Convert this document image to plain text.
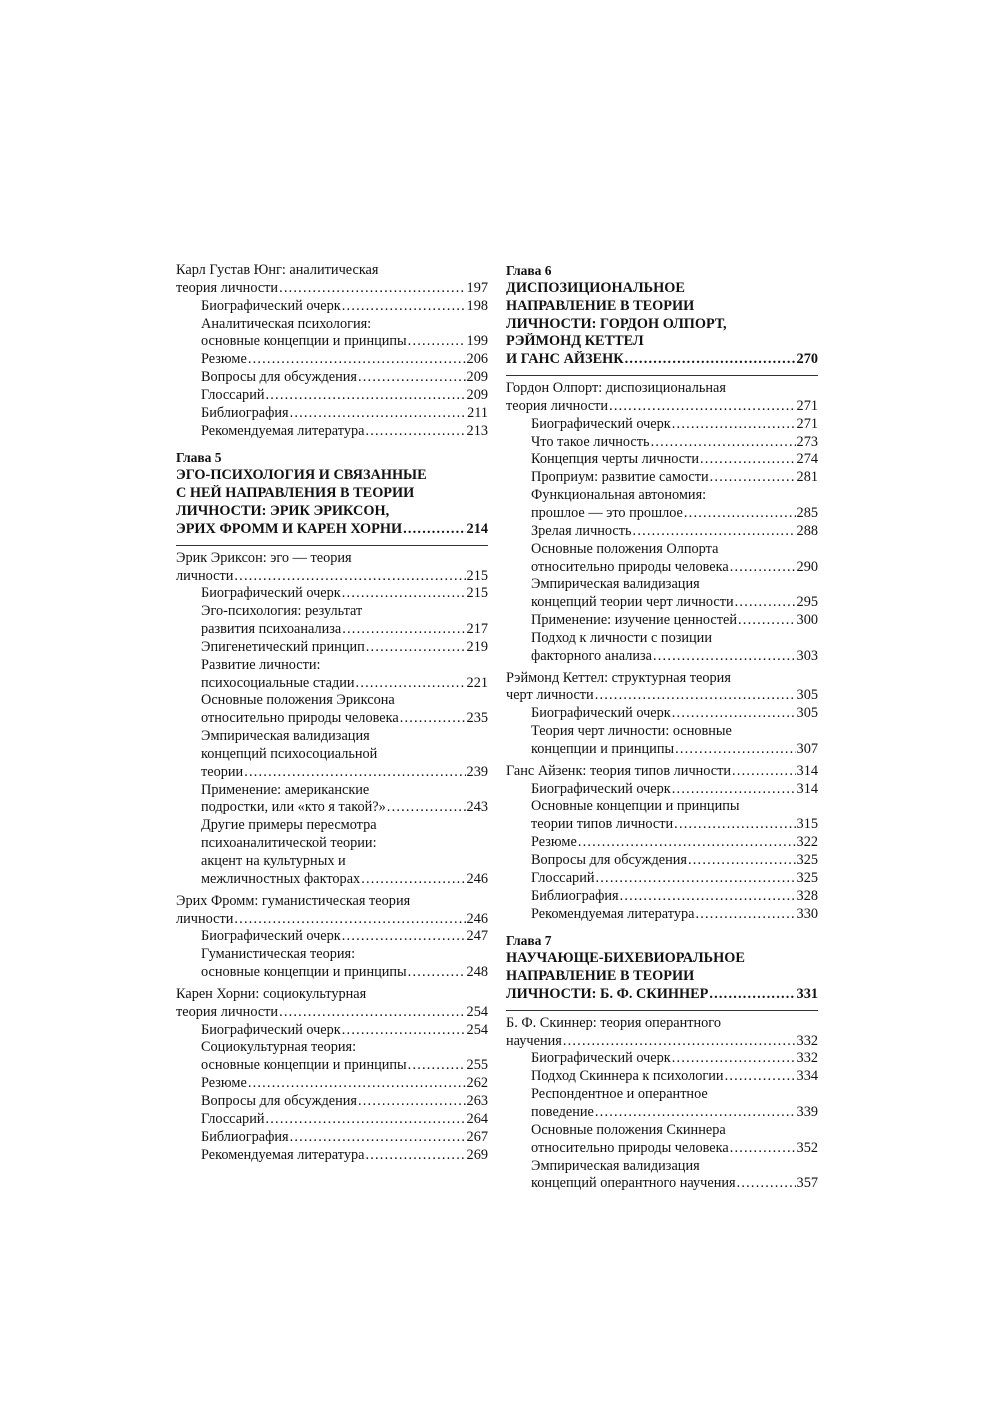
Карл Густав Юнг: аналитическая
теория личности .....	197
Биографический очерк .....	198
Аналитическая психология:
основные концепции и принципы .....	199
Резюме .....	206
Вопросы для обсуждения .....	209
Глоссарий .....	209
Библиография .....	211
Рекомендуемая литература .....	213
Глава 5
ЭГО-ПСИХОЛОГИЯ И СВЯЗАННЫЕ
С НЕЙ НАПРАВЛЕНИЯ В ТЕОРИИ
ЛИЧНОСТИ: ЭРИК ЭРИКСОН,
ЭРИХ ФРОММ И КАРЕН ХОРНИ .....	214
Эрик Эриксон: эго — теория
личности .....	215
Биографический очерк .....	215
Эго-психология: результат
развития психоанализа .....	217
Эпигенетический принцип .....	219
Развитие личности:
психосоциальные стадии .....	221
Основные положения Эриксона
относительно природы человека .....	235
Эмпирическая валидизация
концепций психосоциальной
теории .....	239
Применение: американские
подростки, или «кто я такой?» .....	243
Другие примеры пересмотра
психоаналитической теории:
акцент на культурных и
межличностных факторах .....	246
Эрих Фромм: гуманистическая теория
личности .....	246
Биографический очерк .....	247
Гуманистическая теория:
основные концепции и принципы .....	248
Карен Хорни: социокультурная
теория личности .....	254
Биографический очерк .....	254
Социокультурная теория:
основные концепции и принципы .....	255
Резюме .....	262
Вопросы для обсуждения .....	263
Глоссарий .....	264
Библиография .....	267
Рекомендуемая литература .....	269
Глава 6
ДИСПОЗИЦИОНАЛЬНОЕ
НАПРАВЛЕНИЕ В ТЕОРИИ
ЛИЧНОСТИ: ГОРДОН ОЛПОРТ,
РЭЙМОНД КЕТТЕЛ
И ГАНС АЙЗЕНК .....	270
Гордон Олпорт: диспозициональная
теория личности .....	271
Биографический очерк .....	271
Что такое личность .....	273
Концепция черты личности .....	274
Проприум: развитие самости .....	281
Функциональная автономия:
прошлое — это прошлое .....	285
Зрелая личность .....	288
Основные положения Олпорта
относительно природы человека .....	290
Эмпирическая валидизация
концепций теории черт личности .....	295
Применение: изучение ценностей .....	300
Подход к личности с позиции
факторного анализа .....	303
Рэймонд Кеттел: структурная теория
черт личности .....	305
Биографический очерк .....	305
Теория черт личности: основные
концепции и принципы .....	307
Ганс Айзенк: теория типов личности .....	314
Биографический очерк .....	314
Основные концепции и принципы
теории типов личности .....	315
Резюме .....	322
Вопросы для обсуждения .....	325
Глоссарий .....	325
Библиография .....	328
Рекомендуемая литература .....	330
Глава 7
НАУЧАЮЩЕ-БИХЕВИОРАЛЬНОЕ
НАПРАВЛЕНИЕ В ТЕОРИИ
ЛИЧНОСТИ: Б. Ф. СКИННЕР .....	331
Б. Ф. Скиннер: теория оперантного
научения .....	332
Биографический очерк .....	332
Подход Скиннера к психологии .....	334
Респондентное и оперантное
поведение .....	339
Основные положения Скиннера
относительно природы человека .....	352
Эмпирическая валидизация
концепций оперантного научения .....	357
